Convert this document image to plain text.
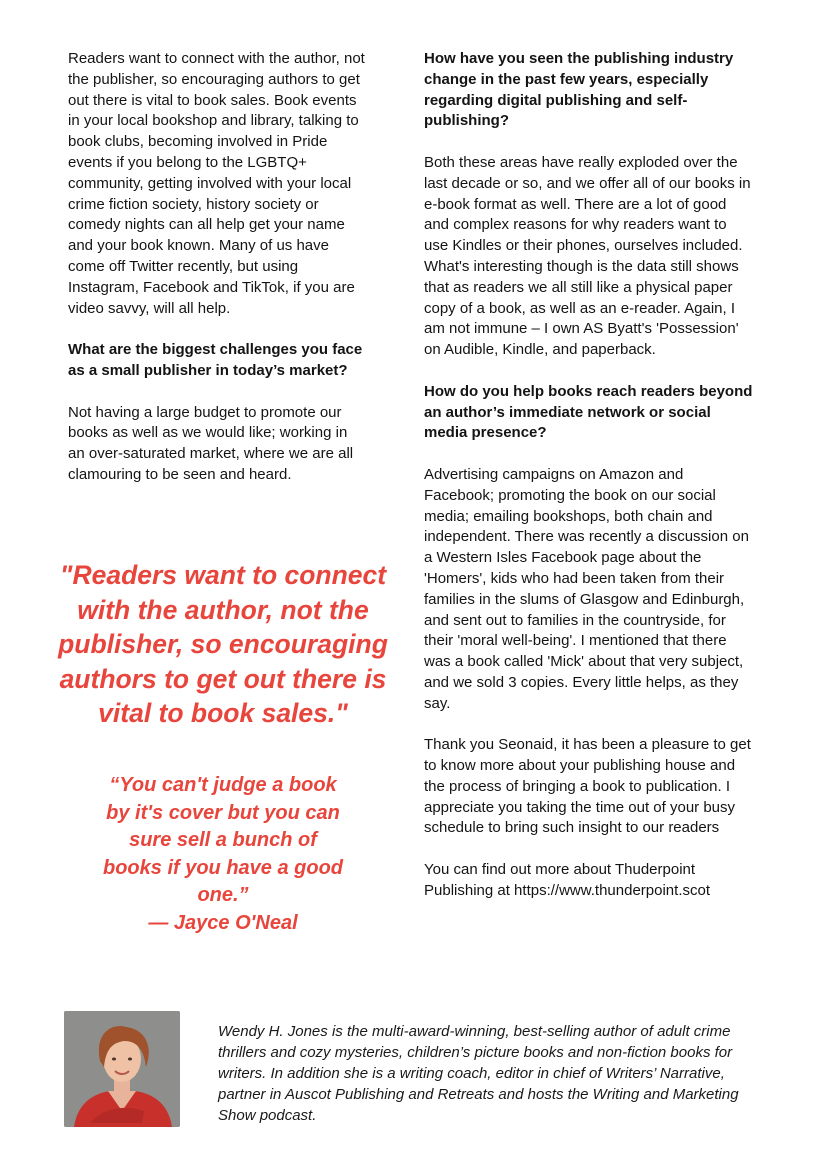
Readers want to connect with the author, not the publisher, so encouraging authors to get out there is vital to book sales. Book events in your local bookshop and library, talking to book clubs, becoming involved in Pride events if you belong to the LGBTQ+ community, getting involved with your local crime fiction society, history society or comedy nights can all help get your name and your book known. Many of us have come off Twitter recently, but using Instagram, Facebook and TikTok, if you are video savvy, will all help.

What are the biggest challenges you face as a small publisher in today’s market?

Not having a large budget to promote our books as well as we would like; working in an over-saturated market, where we are all clamouring to be seen and heard.

"Readers want to connect with the author, not the publisher, so encouraging authors to get out there is vital to book sales."
“You can't judge a book by it's cover but you can sure sell a bunch of books if you have a good one.”
— Jayce O'Neal
How have you seen the publishing industry change in the past few years, especially regarding digital publishing and self-publishing?

Both these areas have really exploded over the last decade or so, and we offer all of our books in e-book format as well. There are a lot of good and complex reasons for why readers want to use Kindles or their phones, ourselves included. What's interesting though is the data still shows that as readers we all still like a physical paper copy of a book, as well as an e-reader. Again, I am not immune – I own AS Byatt's 'Possession' on Audible, Kindle, and paperback.

How do you help books reach readers beyond an author’s immediate network or social media presence?

Advertising campaigns on Amazon and Facebook; promoting the book on our social media; emailing bookshops, both chain and independent. There was recently a discussion on a Western Isles Facebook page about the 'Homers', kids who had been taken from their families in the slums of Glasgow and Edinburgh, and sent out to families in the countryside, for their 'moral well-being'. I mentioned that there was a book called 'Mick' about that very subject, and we sold 3 copies. Every little helps, as they say.

Thank you Seonaid, it has been a pleasure to get to know more about your publishing house and the process of bringing a book to publication. I appreciate you taking the time out of your busy schedule to bring such insight to our readers

You can find out more about Thuderpoint Publishing at https://www.thunderpoint.scot

Wendy H. Jones is the multi-award-winning, best-selling author of adult crime thrillers and cozy mysteries, children’s picture books and non-fiction books for writers. In addition she is a writing coach, editor in chief of Writers’ Narrative, partner in Auscot Publishing and Retreats and hosts the Writing and Marketing Show podcast.
